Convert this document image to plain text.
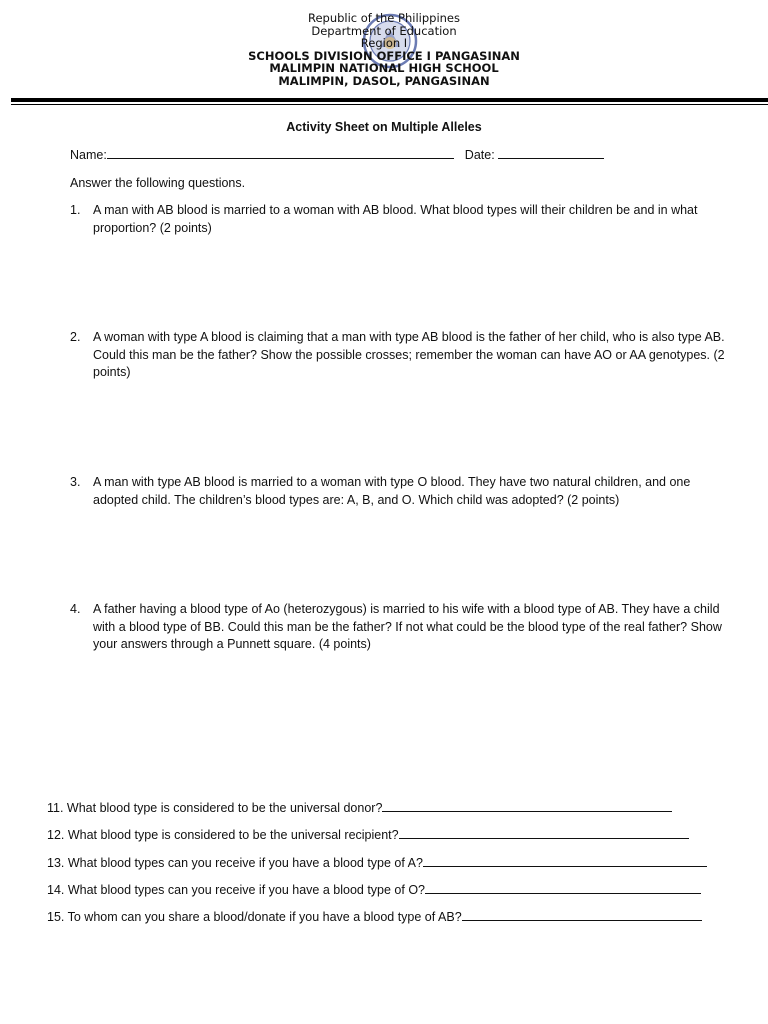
Republic of the Philippines
Department of Education
Region I
SCHOOLS DIVISION OFFICE I PANGASINAN
MALIMPIN NATIONAL HIGH SCHOOL
MALIMPIN, DASOL, PANGASINAN
Activity Sheet on Multiple Alleles
Name:	Date:
Answer the following questions.
1. A man with AB blood is married to a woman with AB blood. What blood types will their children be and in what proportion? (2 points)
2. A woman with type A blood is claiming that a man with type AB blood is the father of her child, who is also type AB. Could this man be the father? Show the possible crosses; remember the woman can have AO or AA genotypes. (2 points)
3. A man with type AB blood is married to a woman with type O blood. They have two natural children, and one adopted child. The children’s blood types are: A, B, and O. Which child was adopted? (2 points)
4. A father having a blood type of Ao (heterozygous) is married to his wife with a blood type of AB. They have a child with a blood type of BB. Could this man be the father? If not what could be the blood type of the real father? Show your answers through a Punnett square. (4 points)
11. What blood type is considered to be the universal donor?
12. What blood type is considered to be the universal recipient?
13. What blood types can you receive if you have a blood type of A?
14. What blood types can you receive if you have a blood type of O?
15. To whom can you share a blood/donate if you have a blood type of AB?
